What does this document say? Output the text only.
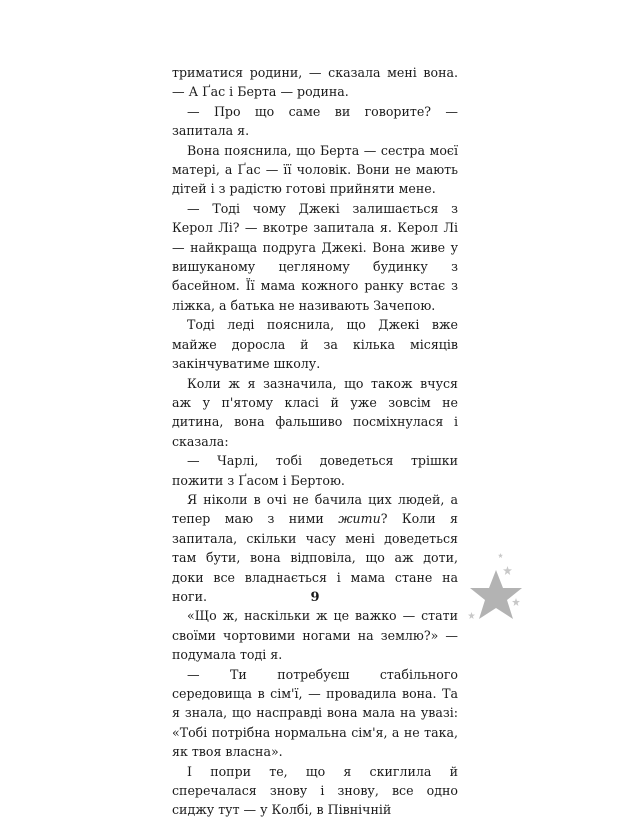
триматися родини, — сказала мені вона. — А Ґас і Берта — родина.

— Про що саме ви говорите? — запитала я.

Вона пояснила, що Берта — сестра моєї матері, а Ґас — її чоловік. Вони не мають дітей і з радістю готові прийняти мене.

— Тоді чому Джекі залишається з Керол Лі? — вкотре запитала я. Керол Лі — найкраща подруга Джекі. Вона живе у вишуканому цегляному будинку з басейном. Її мама кожного ранку встає з ліжка, а батька не називають Зачепою.

Тоді леді пояснила, що Джекі вже майже доросла й за кілька місяців закінчуватиме школу.

Коли ж я зазначила, що також вчуся аж у п'ятому класі й уже зовсім не дитина, вона фальшиво посміхнулася і сказала:

— Чарлі, тобі доведеться трішки пожити з Ґасом і Бертою.

Я ніколи в очі не бачила цих людей, а тепер маю з ними жити? Коли я запитала, скільки часу мені доведеться там бути, вона відповіла, що аж доти, доки все владнається і мама стане на ноги.

«Що ж, наскільки ж це важко — стати своїми чортовими ногами на землю?» — подумала тоді я.

— Ти потребуєш стабільного середовища в сім'ї, — провадила вона. Та я знала, що насправді вона мала на увазі: «Тобі потрібна нормальна сім'я, а не така, як твоя власна».

І попри те, що я скиглила й сперечалася знову і знову, все одно сиджу тут — у Колбі, в Північній

9
